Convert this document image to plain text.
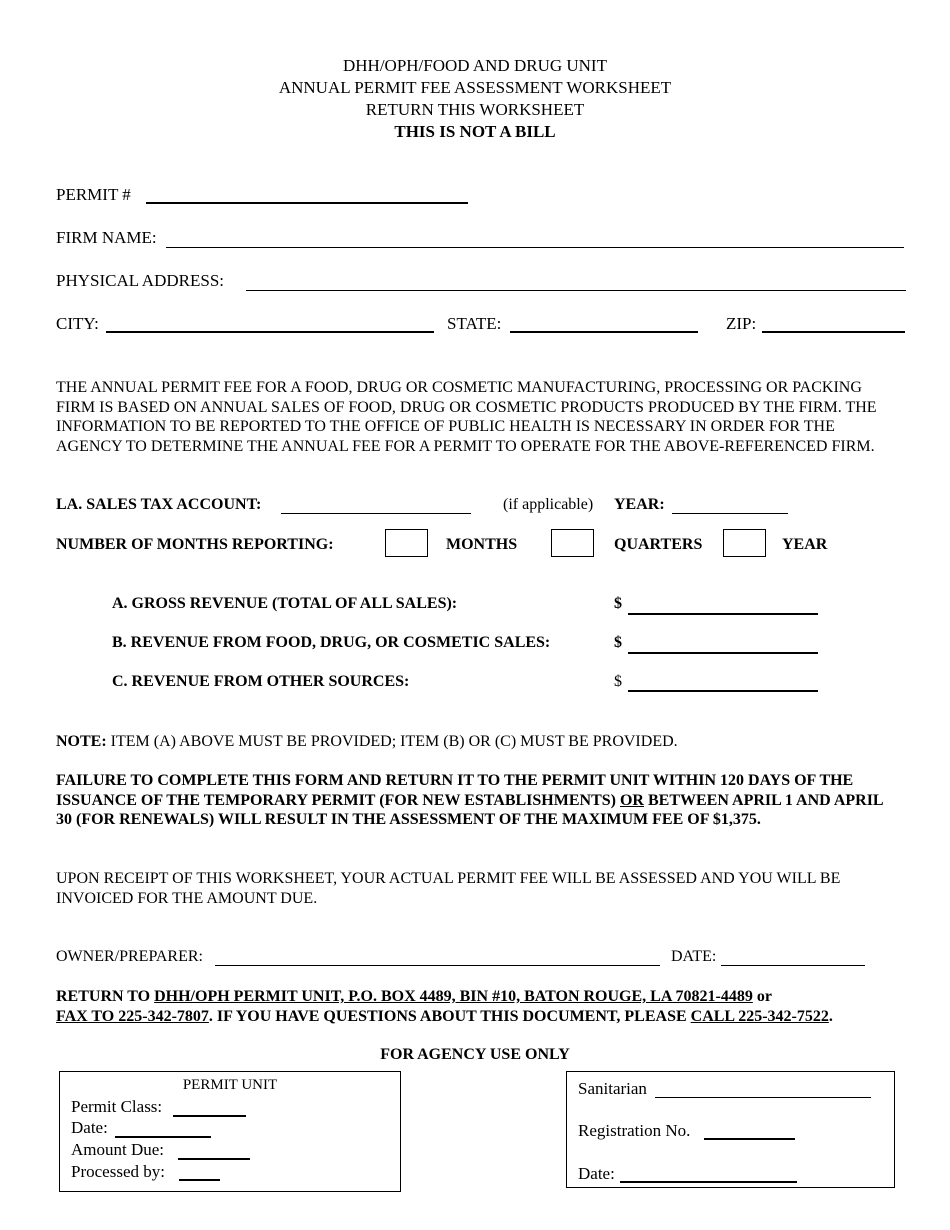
DHH/OPH/FOOD AND DRUG UNIT
ANNUAL PERMIT FEE ASSESSMENT WORKSHEET
RETURN THIS WORKSHEET
THIS IS NOT A BILL
PERMIT #
FIRM NAME:
PHYSICAL ADDRESS:
CITY:	STATE:	ZIP:
THE ANNUAL PERMIT FEE FOR A FOOD, DRUG OR COSMETIC MANUFACTURING, PROCESSING OR PACKING FIRM IS BASED ON ANNUAL SALES OF FOOD, DRUG OR COSMETIC PRODUCTS PRODUCED BY THE FIRM. THE INFORMATION TO BE REPORTED TO THE OFFICE OF PUBLIC HEALTH IS NECESSARY IN ORDER FOR THE AGENCY TO DETERMINE THE ANNUAL FEE FOR A PERMIT TO OPERATE FOR THE ABOVE-REFERENCED FIRM.
LA. SALES TAX ACCOUNT:	(if applicable) YEAR:
NUMBER OF MONTHS REPORTING:	MONTHS	QUARTERS	YEAR
A. GROSS REVENUE (TOTAL OF ALL SALES):	$
B. REVENUE FROM FOOD, DRUG, OR COSMETIC SALES:	$
C. REVENUE FROM OTHER SOURCES:	$
NOTE: ITEM (A) ABOVE MUST BE PROVIDED; ITEM (B) OR (C) MUST BE PROVIDED.
FAILURE TO COMPLETE THIS FORM AND RETURN IT TO THE PERMIT UNIT WITHIN 120 DAYS OF THE ISSUANCE OF THE TEMPORARY PERMIT (FOR NEW ESTABLISHMENTS) OR BETWEEN APRIL 1 AND APRIL 30 (FOR RENEWALS) WILL RESULT IN THE ASSESSMENT OF THE MAXIMUM FEE OF $1,375.
UPON RECEIPT OF THIS WORKSHEET, YOUR ACTUAL PERMIT FEE WILL BE ASSESSED AND YOU WILL BE INVOICED FOR THE AMOUNT DUE.
OWNER/PREPARER:	DATE:
RETURN TO DHH/OPH PERMIT UNIT, P.O. BOX 4489, BIN #10, BATON ROUGE, LA 70821-4489 or
FAX TO 225-342-7807. IF YOU HAVE QUESTIONS ABOUT THIS DOCUMENT, PLEASE CALL 225-342-7522.
FOR AGENCY USE ONLY
PERMIT UNIT
Permit Class:
Date:
Amount Due:
Processed by:
Sanitarian
Registration No.
Date:
